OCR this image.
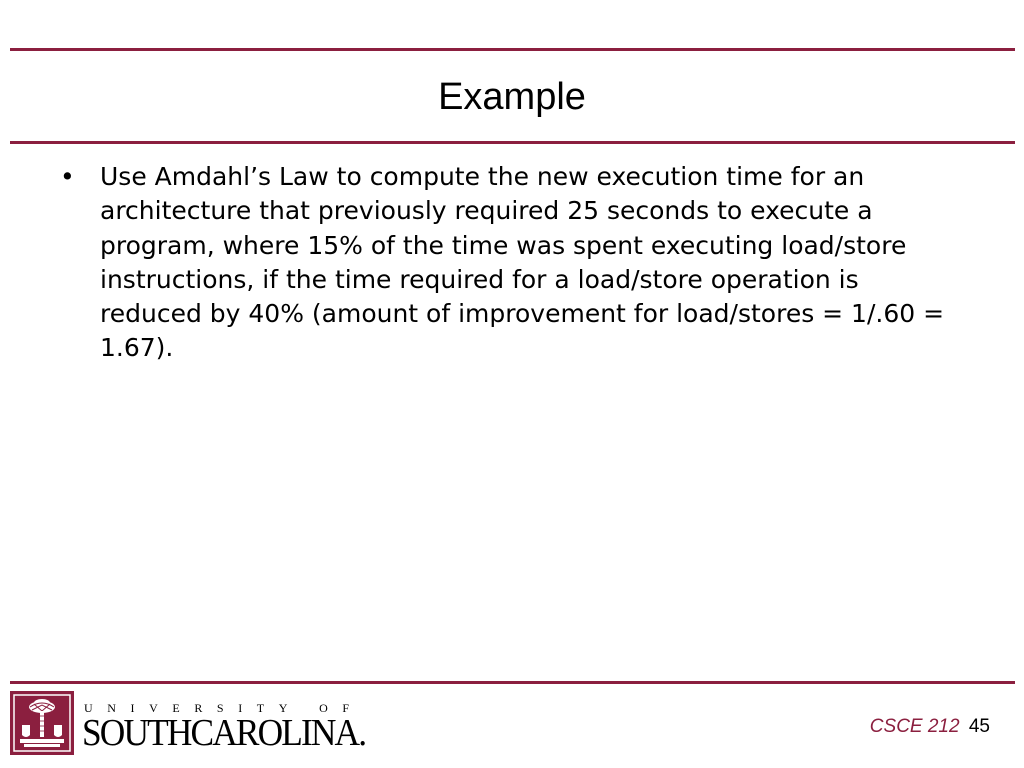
Example
•	Use Amdahl’s Law to compute the new execution time for an architecture that previously required 25 seconds to execute a program, where 15% of the time was spent executing load/store instructions, if the time required for a load/store operation is reduced by 40% (amount of improvement for load/stores = 1/.60 = 1.67).
UNIVERSITY OF
SOUTHCAROLINA.	CSCE 212 45
